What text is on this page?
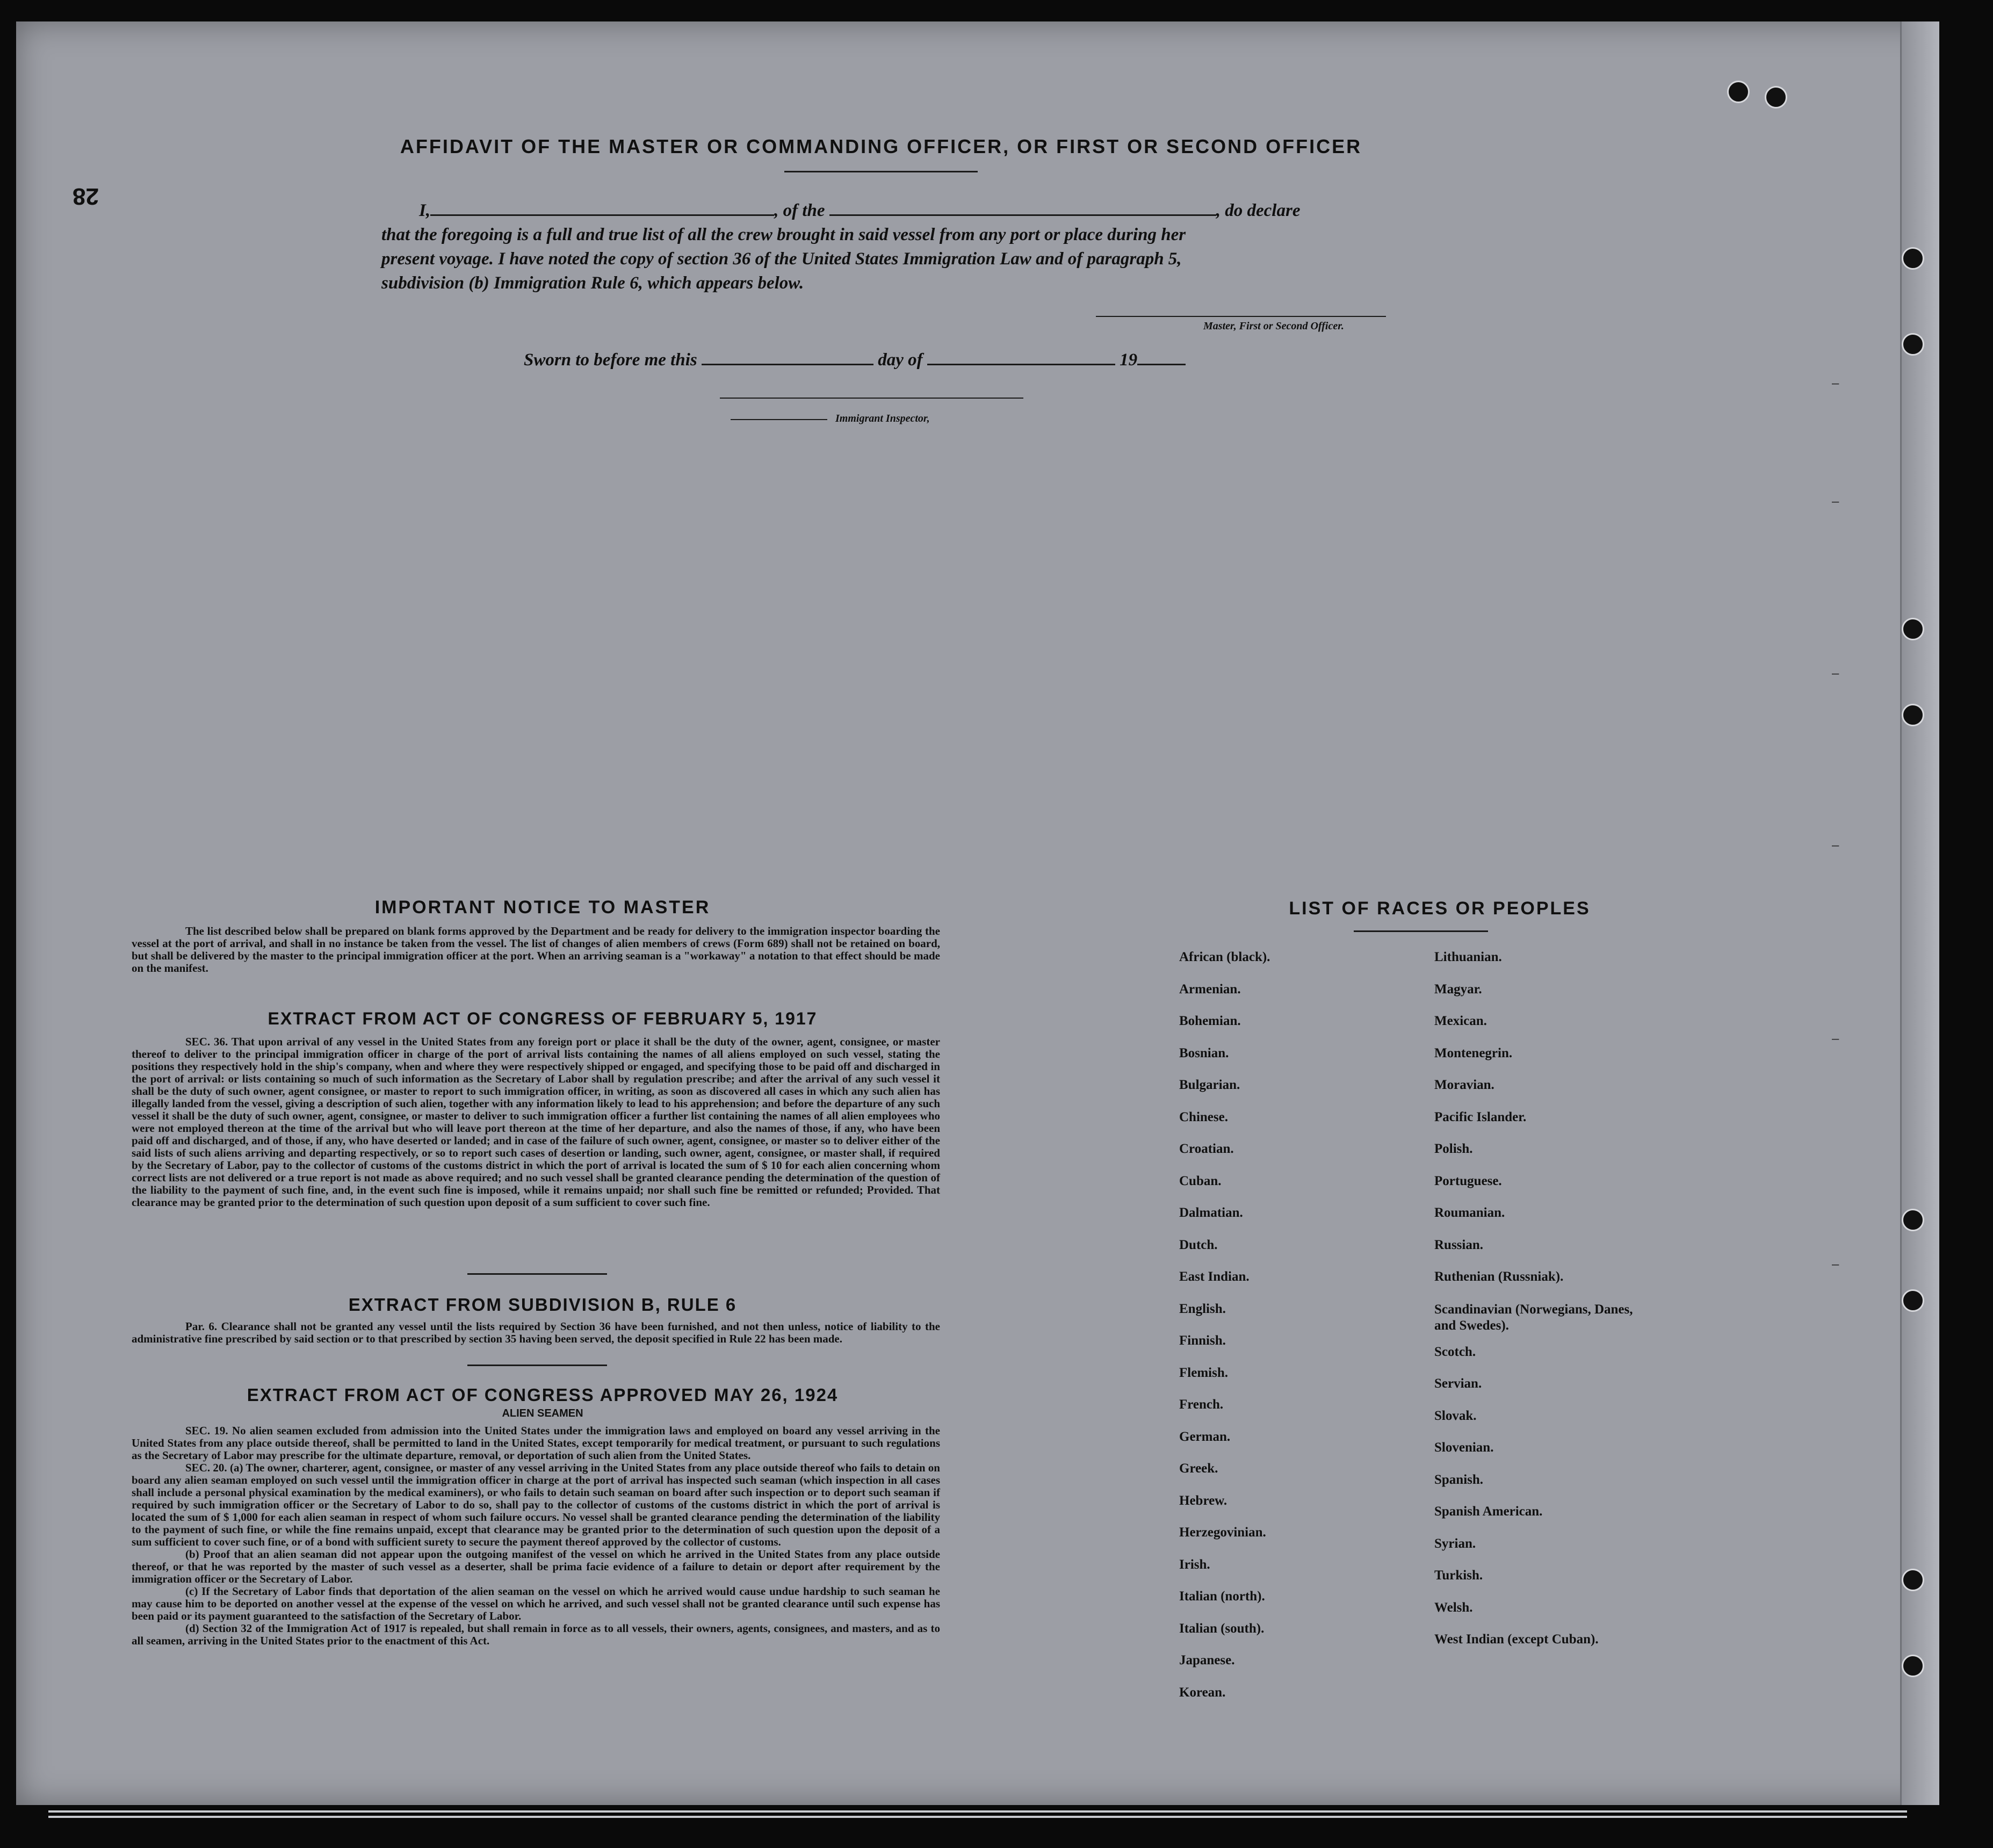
28
AFFIDAVIT OF THE MASTER OR COMMANDING OFFICER, OR FIRST OR SECOND OFFICER
I,	, of the	, do declare
that the foregoing is a full and true list of all the crew brought in said vessel from any port or place during her
present voyage. I have noted the copy of section 36 of the United States Immigration Law and of paragraph 5,
subdivision (b) Immigration Rule 6, which appears below.
Master, First or Second Officer.
Sworn to before me this	day of	19
Immigrant Inspector,
IMPORTANT NOTICE TO MASTER
The list described below shall be prepared on blank forms approved by the Department and be ready for delivery to the immigration inspector boarding the vessel at the port of arrival, and shall in no instance be taken from the vessel. The list of changes of alien members of crews (Form 689) shall not be retained on board, but shall be delivered by the master to the principal immigration officer at the port. When an arriving seaman is a "workaway" a notation to that effect should be made on the manifest.
EXTRACT FROM ACT OF CONGRESS OF FEBRUARY 5, 1917
SEC. 36. That upon arrival of any vessel in the United States from any foreign port or place it shall be the duty of the owner, agent, consignee, or master thereof to deliver to the principal immigration officer in charge of the port of arrival lists containing the names of all aliens employed on such vessel, stating the positions they respectively hold in the ship's company, when and where they were respectively shipped or engaged, and specifying those to be paid off and discharged in the port of arrival: or lists containing so much of such information as the Secretary of Labor shall by regulation prescribe; and after the arrival of any such vessel it shall be the duty of such owner, agent consignee, or master to report to such immigration officer, in writing, as soon as discovered all cases in which any such alien has illegally landed from the vessel, giving a description of such alien, together with any information likely to lead to his apprehension; and before the departure of any such vessel it shall be the duty of such owner, agent, consignee, or master to deliver to such immigration officer a further list containing the names of all alien employees who were not employed thereon at the time of the arrival but who will leave port thereon at the time of her departure, and also the names of those, if any, who have been paid off and discharged, and of those, if any, who have deserted or landed; and in case of the failure of such owner, agent, consignee, or master so to deliver either of the said lists of such aliens arriving and departing respectively, or so to report such cases of desertion or landing, such owner, agent, consignee, or master shall, if required by the Secretary of Labor, pay to the collector of customs of the customs district in which the port of arrival is located the sum of $ 10 for each alien concerning whom correct lists are not delivered or a true report is not made as above required; and no such vessel shall be granted clearance pending the determination of the question of the liability to the payment of such fine, and, in the event such fine is imposed, while it remains unpaid; nor shall such fine be remitted or refunded; Provided. That clearance may be granted prior to the determination of such question upon deposit of a sum sufficient to cover such fine.
EXTRACT FROM SUBDIVISION B, RULE 6
Par. 6. Clearance shall not be granted any vessel until the lists required by Section 36 have been furnished, and not then unless, notice of liability to the administrative fine prescribed by said section or to that prescribed by section 35 having been served, the deposit specified in Rule 22 has been made.
EXTRACT FROM ACT OF CONGRESS APPROVED MAY 26, 1924
ALIEN SEAMEN
SEC. 19. No alien seamen excluded from admission into the United States under the immigration laws and employed on board any vessel arriving in the United States from any place outside thereof, shall be permitted to land in the United States, except temporarily for medical treatment, or pursuant to such regulations as the Secretary of Labor may prescribe for the ultimate departure, removal, or deportation of such alien from the United States.
SEC. 20. (a) The owner, charterer, agent, consignee, or master of any vessel arriving in the United States from any place outside thereof who fails to detain on board any alien seaman employed on such vessel until the immigration officer in charge at the port of arrival has inspected such seaman (which inspection in all cases shall include a personal physical examination by the medical examiners), or who fails to detain such seaman on board after such inspection or to deport such seaman if required by such immigration officer or the Secretary of Labor to do so, shall pay to the collector of customs of the customs district in which the port of arrival is located the sum of $ 1,000 for each alien seaman in respect of whom such failure occurs. No vessel shall be granted clearance pending the determination of the liability to the payment of such fine, or while the fine remains unpaid, except that clearance may be granted prior to the determination of such question upon the deposit of a sum sufficient to cover such fine, or of a bond with sufficient surety to secure the payment thereof approved by the collector of customs.
(b) Proof that an alien seaman did not appear upon the outgoing manifest of the vessel on which he arrived in the United States from any place outside thereof, or that he was reported by the master of such vessel as a deserter, shall be prima facie evidence of a failure to detain or deport after requirement by the immigration officer or the Secretary of Labor.
(c) If the Secretary of Labor finds that deportation of the alien seaman on the vessel on which he arrived would cause undue hardship to such seaman he may cause him to be deported on another vessel at the expense of the vessel on which he arrived, and such vessel shall not be granted clearance until such expense has been paid or its payment guaranteed to the satisfaction of the Secretary of Labor.
(d) Section 32 of the Immigration Act of 1917 is repealed, but shall remain in force as to all vessels, their owners, agents, consignees, and masters, and as to all seamen, arriving in the United States prior to the enactment of this Act.
LIST OF RACES OR PEOPLES
African (black).
Armenian.
Bohemian.
Bosnian.
Bulgarian.
Chinese.
Croatian.
Cuban.
Dalmatian.
Dutch.
East Indian.
English.
Finnish.
Flemish.
French.
German.
Greek.
Hebrew.
Herzegovinian.
Irish.
Italian (north).
Italian (south).
Japanese.
Korean.
Lithuanian.
Magyar.
Mexican.
Montenegrin.
Moravian.
Pacific Islander.
Polish.
Portuguese.
Roumanian.
Russian.
Ruthenian (Russniak).
Scandinavian (Norwegians, Danes, and Swedes).
Scotch.
Servian.
Slovak.
Slovenian.
Spanish.
Spanish American.
Syrian.
Turkish.
Welsh.
West Indian (except Cuban).
–
–
–
–
–
–
